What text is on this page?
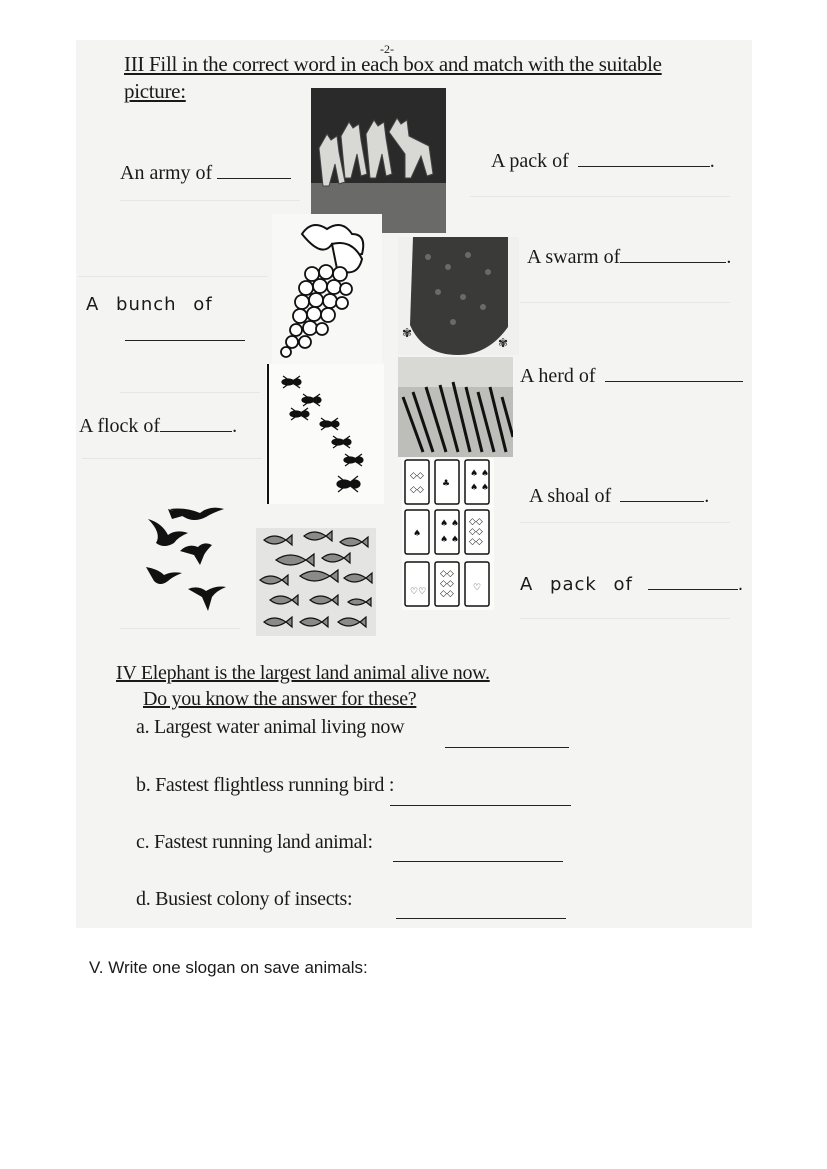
-2-
III Fill in the correct word in each box and match with the suitable
picture:
An army of
A pack of	.
A swarm of	.
A bunch of
A herd of
A flock of	.
A shoal of	.
A pack of	.
✾
✾
◇◇
◇◇
♣
♠ ♠
♠ ♠
♠
♠ ♠
♠ ♠
◇◇
◇◇
◇◇
♡♡
◇◇
◇◇
◇◇
♡
IV Elephant is the largest land animal alive now.
Do you know the answer for these?
a. Largest water animal living now
b. Fastest flightless running bird :
c. Fastest running land animal:
d. Busiest colony of insects:
V. Write one slogan on save animals:
